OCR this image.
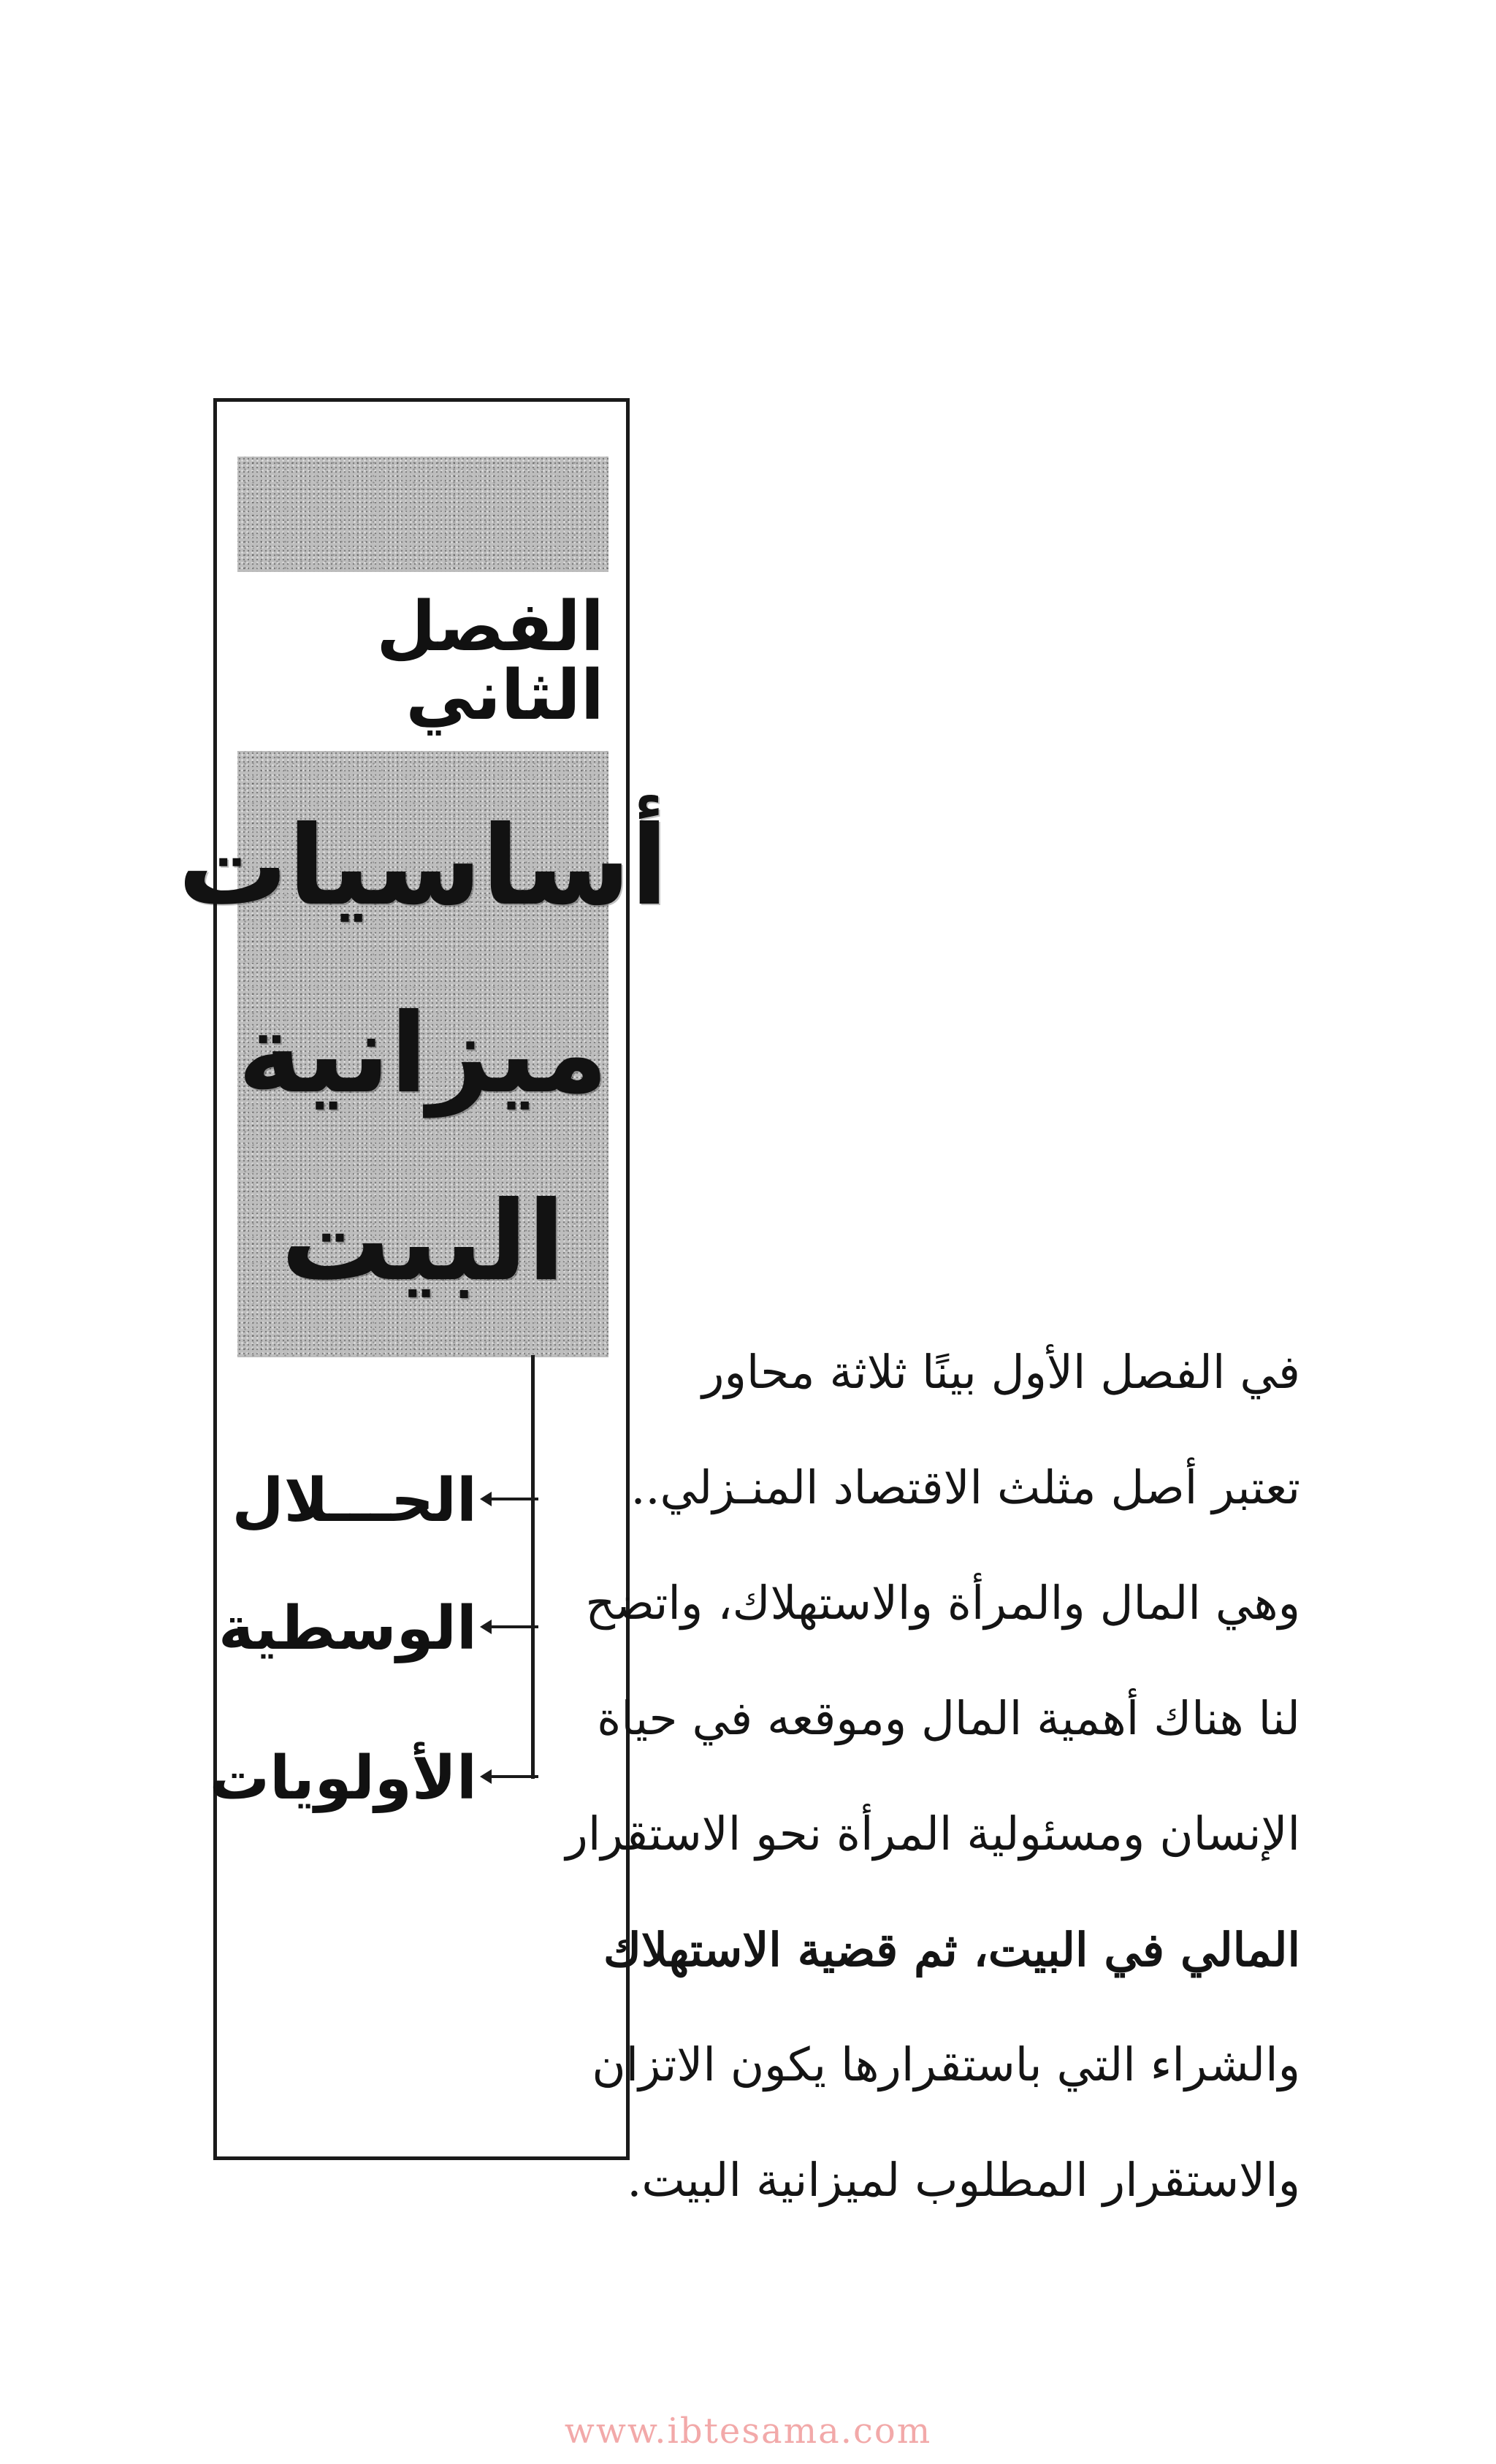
الفصل الثاني
أساسيات
ميزانية
البيت
الحـــلال
الوسطية
الأولويات
في الفصل الأول بينًا ثلاثة محاور
تعتبر أصل مثلث الاقتصاد المنـزلي..
وهي المال والمرأة والاستهلاك، واتضح
لنا هناك أهمية المال وموقعه في حياة
الإنسان ومسئولية المرأة نحو الاستقرار
المالي في البيت، ثم قضية الاستهلاك
والشراء التي باستقرارها يكون الاتزان
والاستقرار المطلوب لميزانية البيت.
www.ibtesama.com
